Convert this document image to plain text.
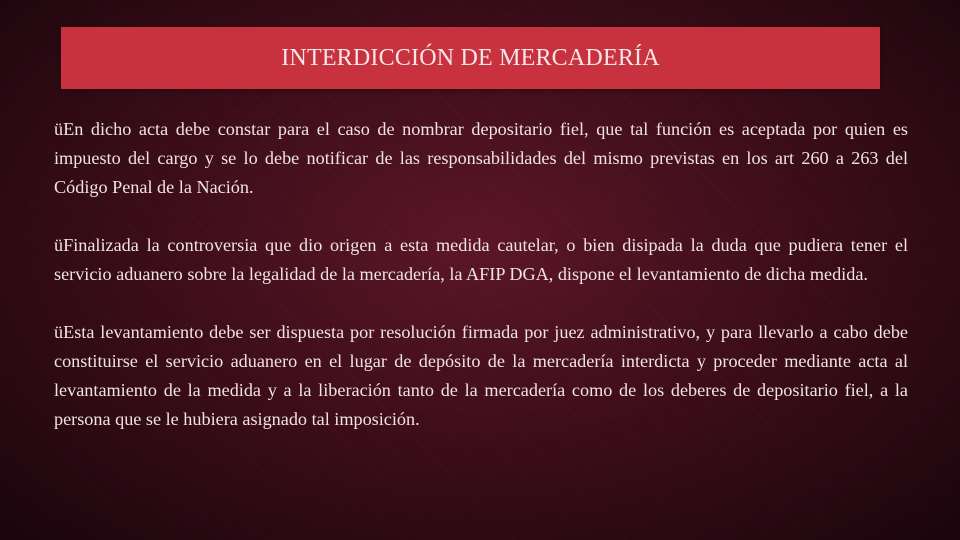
INTERDICCIÓN DE MERCADERÍA

üEn dicho acta debe constar para el caso de nombrar depositario fiel, que tal función es aceptada por quien es impuesto del cargo y se lo debe notificar de las responsabilidades del mismo previstas en los art 260 a 263 del Código Penal de la Nación.

üFinalizada la controversia que dio origen a esta medida cautelar, o bien disipada la duda que pudiera tener el servicio aduanero sobre la legalidad de la mercadería, la AFIP DGA, dispone el levantamiento de dicha medida.

üEsta levantamiento debe ser dispuesta por resolución firmada por juez administrativo, y para llevarlo a cabo debe constituirse el servicio aduanero en el lugar de depósito de la mercadería interdicta y proceder mediante acta al levantamiento de la medida y a la liberación tanto de la mercadería como de los deberes de depositario fiel, a la persona que se le hubiera asignado tal imposición.
